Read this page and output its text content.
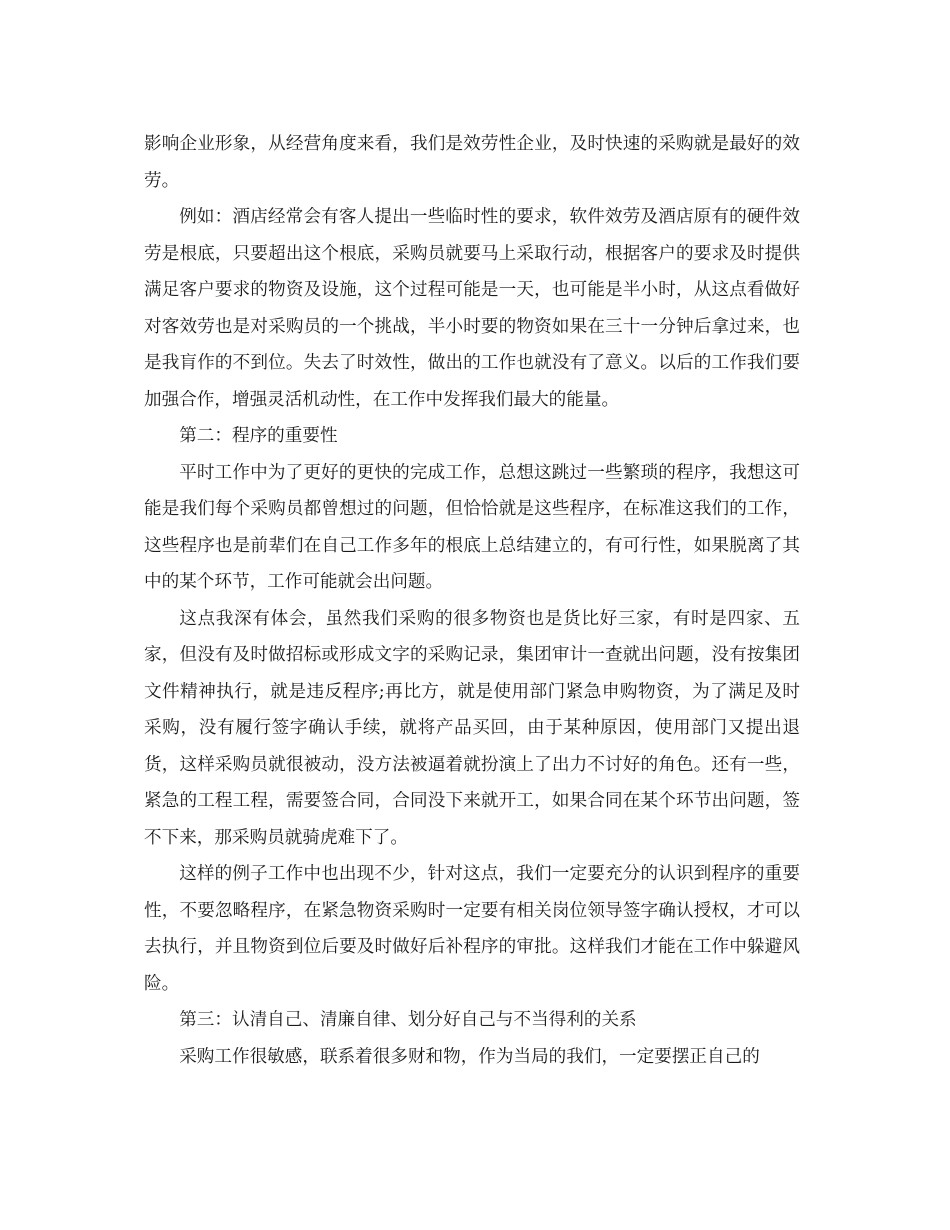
影响企业形象，从经营角度来看，我们是效劳性企业，及时快速的采购就是最好的效劳。

例如：酒店经常会有客人提出一些临时性的要求，软件效劳及酒店原有的硬件效劳是根底，只要超出这个根底，采购员就要马上采取行动，根据客户的要求及时提供满足客户要求的物资及设施，这个过程可能是一天，也可能是半小时，从这点看做好对客效劳也是对采购员的一个挑战，半小时要的物资如果在三十一分钟后拿过来，也是我肓作的不到位。失去了时效性，做出的工作也就没有了意义。以后的工作我们要加强合作，增强灵活机动性，在工作中发挥我们最大的能量。

第二：程序的重要性

平时工作中为了更好的更快的完成工作，总想这跳过一些繁琐的程序，我想这可能是我们每个采购员都曾想过的问题，但恰恰就是这些程序，在标准这我们的工作，这些程序也是前辈们在自己工作多年的根底上总结建立的，有可行性，如果脱离了其中的某个环节，工作可能就会出问题。

这点我深有体会，虽然我们采购的很多物资也是货比好三家，有时是四家、五家，但没有及时做招标或形成文字的采购记录，集团审计一查就出问题，没有按集团文件精神执行，就是违反程序;再比方，就是使用部门紧急申购物资，为了满足及时采购，没有履行签字确认手续，就将产品买回，由于某种原因，使用部门又提出退货，这样采购员就很被动，没方法被逼着就扮演上了出力不讨好的角色。还有一些，紧急的工程工程，需要签合同，合同没下来就开工，如果合同在某个环节出问题，签不下来，那采购员就骑虎难下了。

这样的例子工作中也出现不少，针对这点，我们一定要充分的认识到程序的重要性，不要忽略程序，在紧急物资采购时一定要有相关岗位领导签字确认授权，才可以去执行，并且物资到位后要及时做好后补程序的审批。这样我们才能在工作中躲避风险。

第三：认清自己、清廉自律、划分好自己与不当得利的关系

采购工作很敏感，联系着很多财和物，作为当局的我们，一定要摆正自己的
